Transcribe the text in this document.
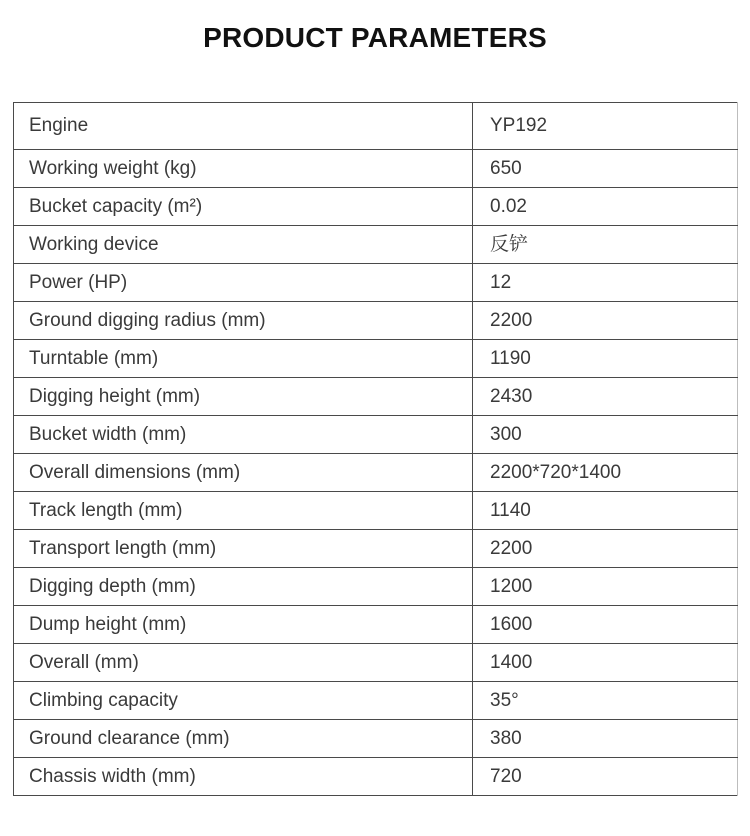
PRODUCT PARAMETERS
Engine	YP192
Working weight (kg)	650
Bucket capacity (m²)	0.02
Working device	反铲
Power (HP)	12
Ground digging radius (mm)	2200
Turntable (mm)	1190
Digging height (mm)	2430
Bucket width (mm)	300
Overall dimensions (mm)	2200*720*1400
Track length (mm)	1140
Transport length (mm)	2200
Digging depth (mm)	1200
Dump height (mm)	1600
Overall (mm)	1400
Climbing capacity	35°
Ground clearance (mm)	380
Chassis width (mm)	720
